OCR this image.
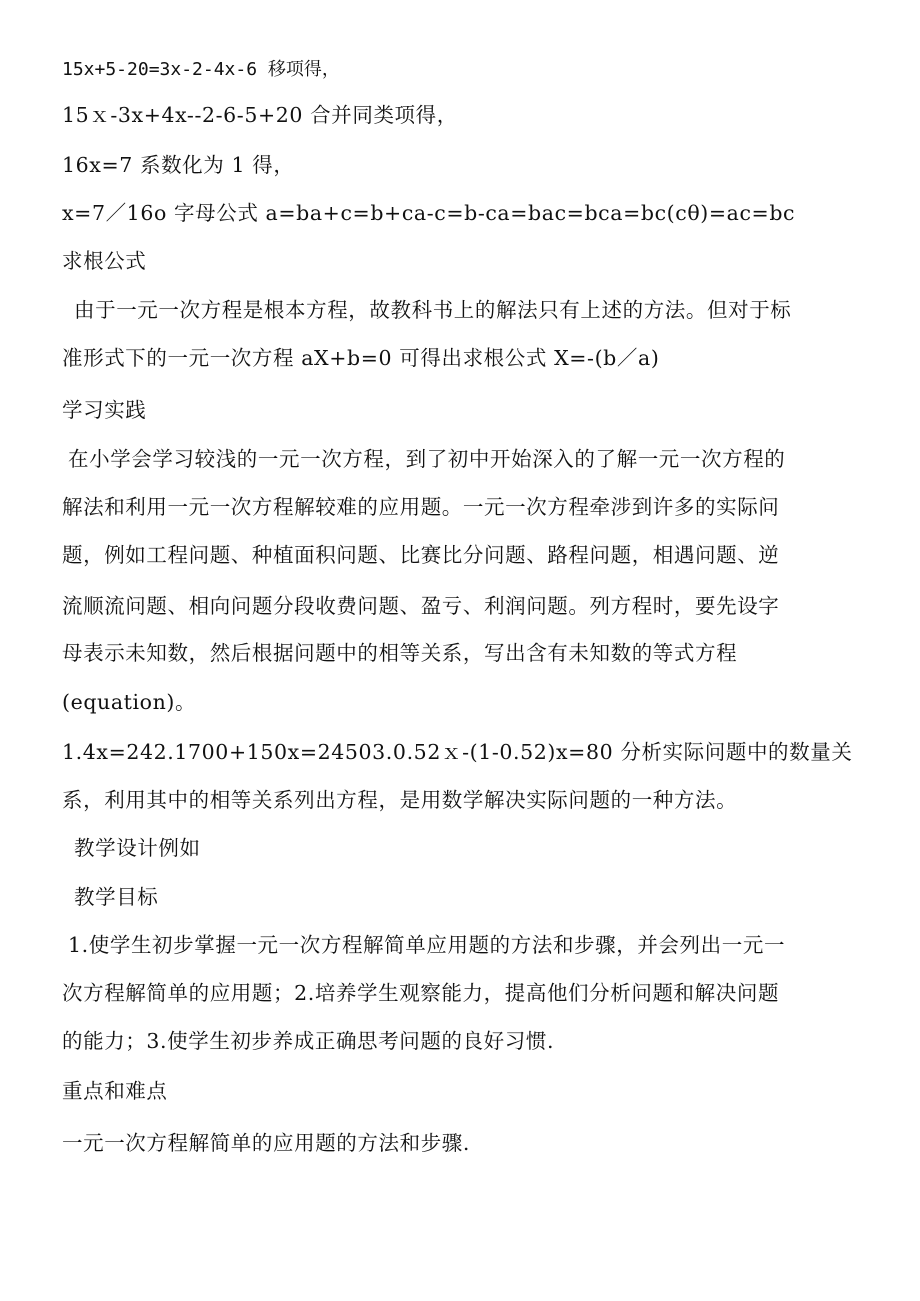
15x+5-20=3x-2-4x-6 移项得，
15ｘ-3x+4x--2-6-5+20 合并同类项得，
16x=7 系数化为 1 得，
x=7／16o 字母公式 a=ba+c=b+ca-c=b-ca=bac=bca=bc(cθ)=ac=bc
求根公式
由于一元一次方程是根本方程，故教科书上的解法只有上述的方法。但对于标
准形式下的一元一次方程 aX+b=0 可得出求根公式 X=-(b／a)
学习实践
在小学会学习较浅的一元一次方程，到了初中开始深入的了解一元一次方程的
解法和利用一元一次方程解较难的应用题。一元一次方程牵涉到许多的实际问
题，例如工程问题、种植面积问题、比赛比分问题、路程问题，相遇问题、逆
流顺流问题、相向问题分段收费问题、盈亏、利润问题。列方程时，要先设字
母表示未知数，然后根据问题中的相等关系，写出含有未知数的等式方程
(equation)。
1.4x=242.1700+150x=24503.0.52ｘ-(1-0.52)x=80 分析实际问题中的数量关
系，利用其中的相等关系列出方程，是用数学解决实际问题的一种方法。
教学设计例如
教学目标
1.使学生初步掌握一元一次方程解简单应用题的方法和步骤，并会列出一元一
次方程解简单的应用题；2.培养学生观察能力，提高他们分析问题和解决问题
的能力；3.使学生初步养成正确思考问题的良好习惯.
重点和难点
一元一次方程解简单的应用题的方法和步骤.
